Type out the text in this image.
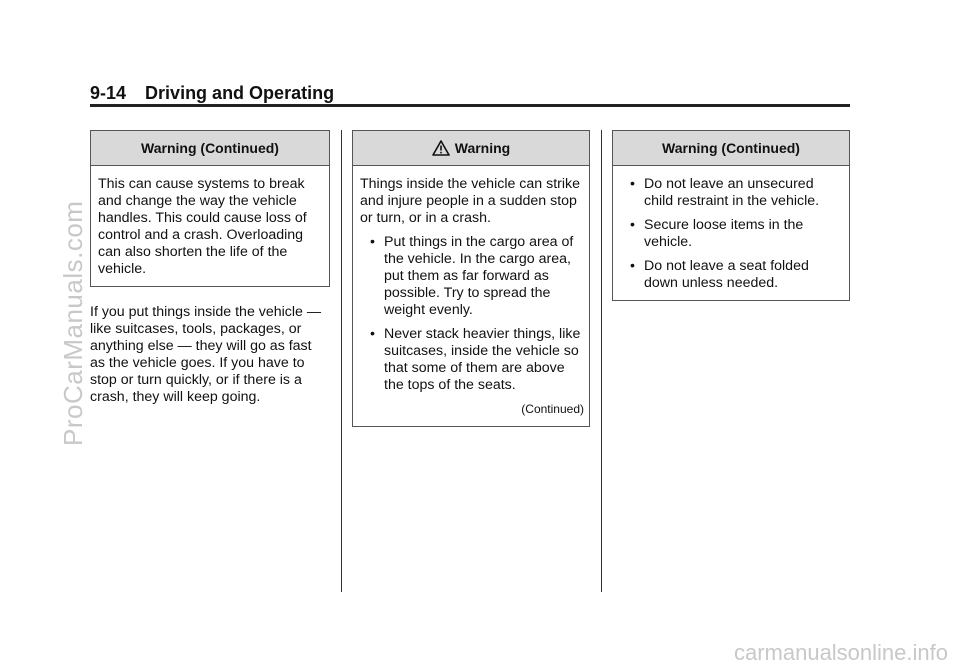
9-14 Driving and Operating
Warning (Continued)

This can cause systems to break and change the way the vehicle handles. This could cause loss of control and a crash. Overloading can also shorten the life of the vehicle.

If you put things inside the vehicle — like suitcases, tools, packages, or anything else — they will go as fast as the vehicle goes. If you have to stop or turn quickly, or if there is a crash, they will keep going.
Warning

Things inside the vehicle can strike and injure people in a sudden stop or turn, or in a crash.

• Put things in the cargo area of the vehicle. In the cargo area, put them as far forward as possible. Try to spread the weight evenly.
• Never stack heavier things, like suitcases, inside the vehicle so that some of them are above the tops of the seats.
(Continued)
Warning (Continued)
• Do not leave an unsecured child restraint in the vehicle.
• Secure loose items in the vehicle.
• Do not leave a seat folded down unless needed.
ProCarManuals.com
carmanualsonline.info
